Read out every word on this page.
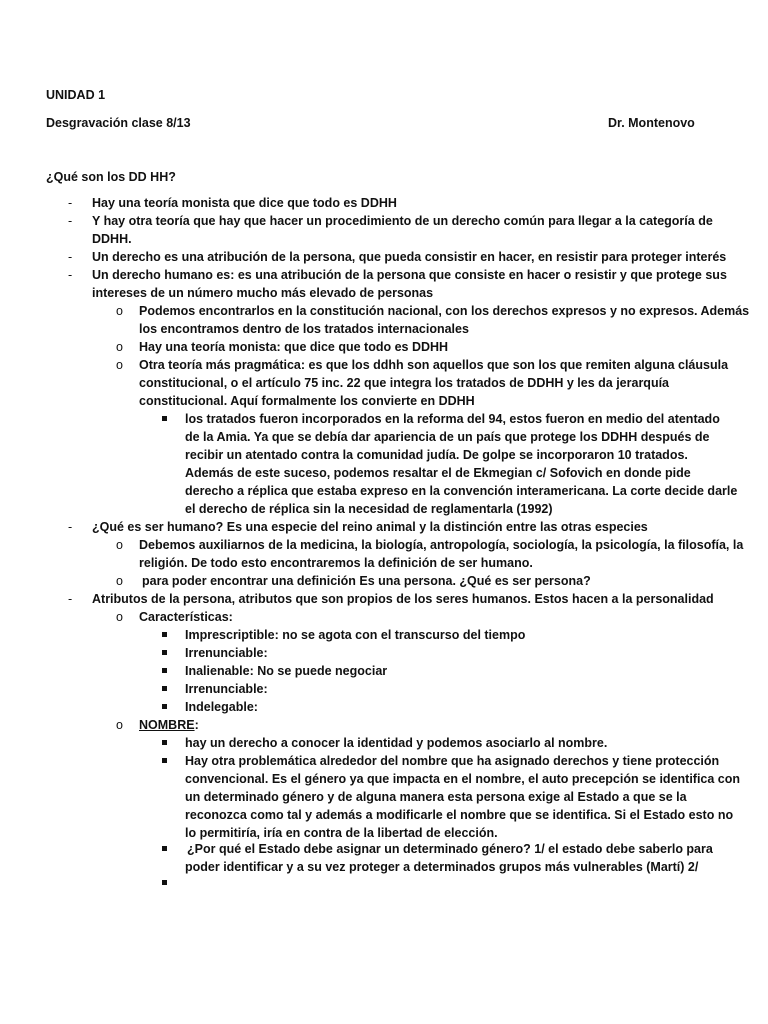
UNIDAD 1
Desgravación clase 8/13	Dr. Montenovo
¿Qué son los DD HH?
- Hay una teoría monista que dice que todo es DDHH
- Y hay otra teoría que hay que hacer un procedimiento de un derecho común para llegar a la categoría de
DDHH.
- Un derecho es una atribución de la persona, que pueda consistir en hacer, en resistir para proteger interés
- Un derecho humano es: es una atribución de la persona que consiste en hacer o resistir y que protege sus
intereses de un número mucho más elevado de personas
o Podemos encontrarlos en la constitución nacional, con los derechos expresos y no expresos. Además
los encontramos dentro de los tratados internacionales
o Hay una teoría monista: que dice que todo es DDHH
o Otra teoría más pragmática: es que los ddhh son aquellos que son los que remiten alguna cláusula
constitucional, o el artículo 75 inc. 22 que integra los tratados de DDHH y les da jerarquía
constitucional. Aquí formalmente los convierte en DDHH
los tratados fueron incorporados en la reforma del 94, estos fueron en medio del atentado
de la Amia. Ya que se debía dar apariencia de un país que protege los DDHH después de
recibir un atentado contra la comunidad judía. De golpe se incorporaron 10 tratados.
Además de este suceso, podemos resaltar el de Ekmegian c/ Sofovich en donde pide
derecho a réplica que estaba expreso en la convención interamericana. La corte decide darle
el derecho de réplica sin la necesidad de reglamentarla (1992)
- ¿Qué es ser humano? Es una especie del reino animal y la distinción entre las otras especies
o Debemos auxiliarnos de la medicina, la biología, antropología, sociología, la psicología, la filosofía, la
religión. De todo esto encontraremos la definición de ser humano.
o para poder encontrar una definición Es una persona. ¿Qué es ser persona?
- Atributos de la persona, atributos que son propios de los seres humanos. Estos hacen a la personalidad
o Características:
Imprescriptible: no se agota con el transcurso del tiempo
Irrenunciable:
Inalienable: No se puede negociar
Irrenunciable:
Indelegable:
o NOMBRE:
hay un derecho a conocer la identidad y podemos asociarlo al nombre.
Hay otra problemática alrededor del nombre que ha asignado derechos y tiene protección
convencional. Es el género ya que impacta en el nombre, el auto precepción se identifica con
un determinado género y de alguna manera esta persona exige al Estado a que se la
reconozca como tal y además a modificarle el nombre que se identifica. Si el Estado esto no
lo permitiría, iría en contra de la libertad de elección.
¿Por qué el Estado debe asignar un determinado género? 1/ el estado debe saberlo para
poder identificar y a su vez proteger a determinados grupos más vulnerables (Martí) 2/
